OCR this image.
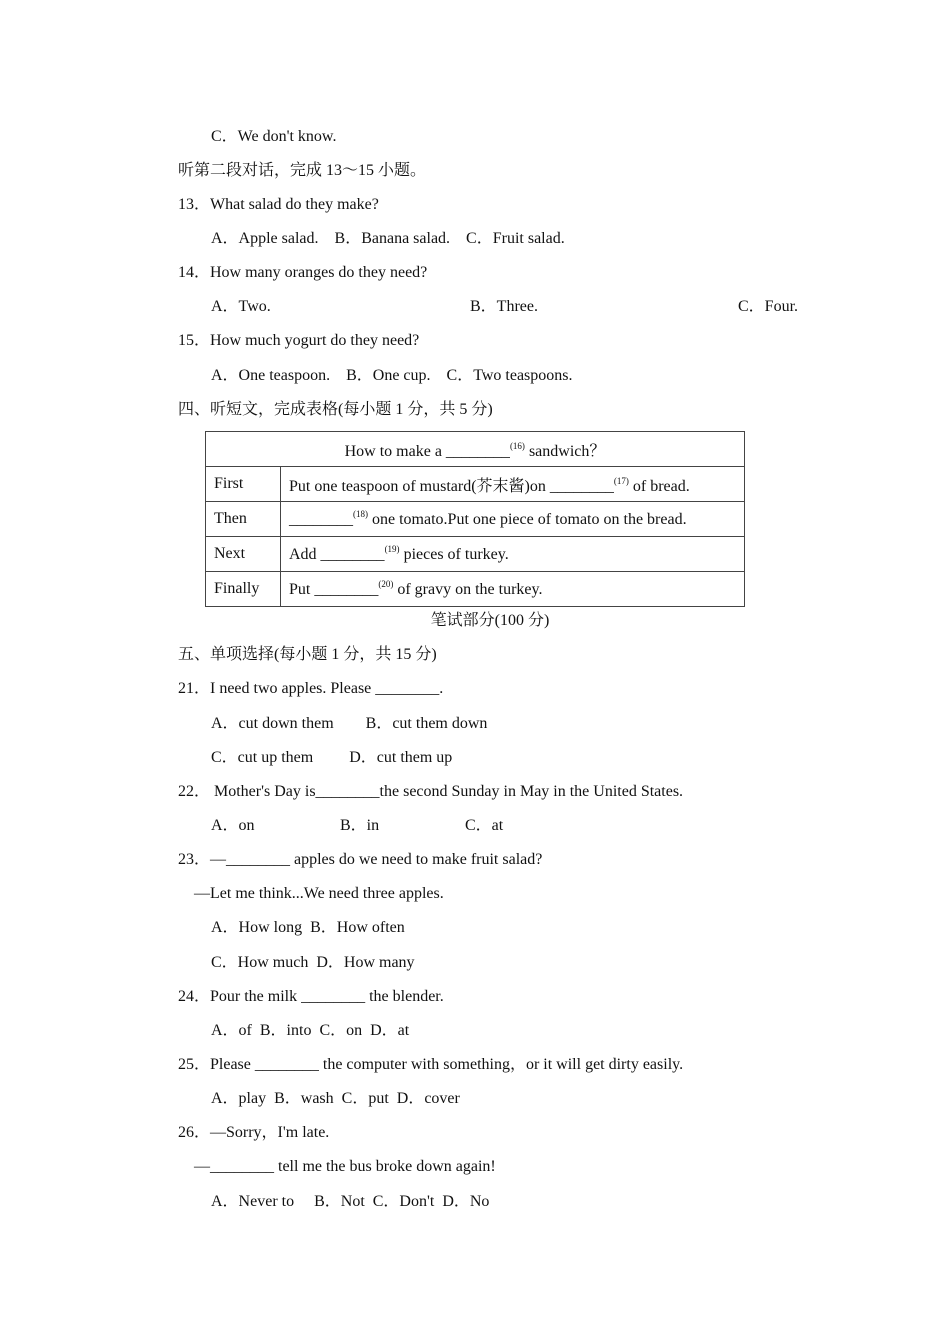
C．We don't know.
听第二段对话，完成 13～15 小题。
13．What salad do they make?
A．Apple salad.　B．Banana salad.　C．Fruit salad.
14．How many oranges do they need?
A．Two.	B．Three.	C．Four.
15．How much yogurt do they need?
A．One teaspoon.　B．One cup.　C．Two teaspoons.
四、听短文，完成表格(每小题 1 分，共 5 分)
How to make a ________$^{(16)}$ sandwich？	
First	Put one teaspoon of mustard(芥末酱)on ________$^{(17)}$ of bread.
Then	________$^{(18)}$ one tomato.Put one piece of tomato on the bread.
Next	Add ________$^{(19)}$ pieces of turkey.
Finally	Put ________$^{(20)}$ of gravy on the turkey.
笔试部分(100 分)
五、单项选择(每小题 1 分，共 15 分)
21．I need two apples. Please ________.
A．cut down them　　B．cut them down
C．cut up them　　 D．cut them up
22． Mother's Day is________the second Sunday in May in the United States.
A．on	B．in	C．at
23．—________ apples do we need to make fruit salad?
—Let me think...We need three apples.
A．How long  B．How often
C．How much  D．How many
24．Pour the milk ________ the blender.
A．of  B．into  C．on  D．at
25．Please ________ the computer with something，or it will get dirty easily.
A．play  B．wash  C．put  D．cover
26．—Sorry，I'm late.
—________ tell me the bus broke down again!
A．Never to　 B．Not  C．Don't  D．No
